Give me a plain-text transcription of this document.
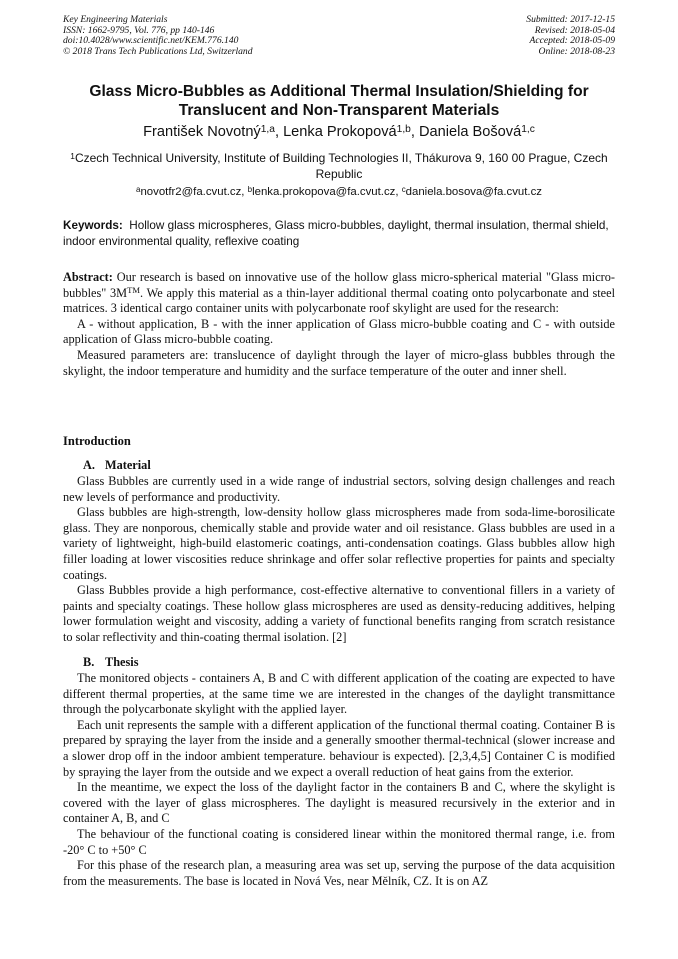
Key Engineering Materials
ISSN: 1662-9795, Vol. 776, pp 140-146
doi:10.4028/www.scientific.net/KEM.776.140
© 2018 Trans Tech Publications Ltd, Switzerland
Submitted: 2017-12-15
Revised: 2018-05-04
Accepted: 2018-05-09
Online: 2018-08-23
Glass Micro-Bubbles as Additional Thermal Insulation/Shielding for
Translucent and Non-Transparent Materials
František Novotný$^{1,a}$, Lenka Prokopová$^{1,b}$, Daniela Bošová$^{1,c}$
$^1$Czech Technical University, Institute of Building Technologies II, Thákurova 9, 160 00 Prague, Czech Republic
$^a$novotfr2@fa.cvut.cz, $^b$lenka.prokopova@fa.cvut.cz, $^c$daniela.bosova@fa.cvut.cz
Keywords: Hollow glass microspheres, Glass micro-bubbles, daylight, thermal insulation, thermal shield, indoor environmental quality, reflexive coating

Abstract: Our research is based on innovative use of the hollow glass micro-spherical material "Glass micro-bubbles" 3M™. We apply this material as a thin-layer additional thermal coating onto polycarbonate and steel matrices. 3 identical cargo container units with polycarbonate roof skylight are used for the research:

A - without application, B - with the inner application of Glass micro-bubble coating and C - with outside application of Glass micro-bubble coating.

Measured parameters are: translucence of daylight through the layer of micro-glass bubbles through the skylight, the indoor temperature and humidity and the surface temperature of the outer and inner shell.

Introduction
A. Material

Glass Bubbles are currently used in a wide range of industrial sectors, solving design challenges and reach new levels of performance and productivity.

Glass bubbles are high-strength, low-density hollow glass microspheres made from soda-lime-borosilicate glass. They are nonporous, chemically stable and provide water and oil resistance. Glass bubbles are used in a variety of lightweight, high-build elastomeric coatings, anti-condensation coatings. Glass bubbles allow high filler loading at lower viscosities reduce shrinkage and offer solar reflective properties for paints and specialty coatings.

Glass Bubbles provide a high performance, cost-effective alternative to conventional fillers in a variety of paints and specialty coatings. These hollow glass microspheres are used as density-reducing additives, helping lower formulation weight and viscosity, adding a variety of functional benefits ranging from scratch resistance to solar reflectivity and thin-coating thermal isolation. [2]

B. Thesis

The monitored objects - containers A, B and C with different application of the coating are expected to have different thermal properties, at the same time we are interested in the changes of the daylight transmittance through the polycarbonate skylight with the applied layer.

Each unit represents the sample with a different application of the functional thermal coating. Container B is prepared by spraying the layer from the inside and a generally smoother thermal-technical (slower increase and a slower drop off in the indoor ambient temperature. behaviour is expected). [2,3,4,5] Container C is modified by spraying the layer from the outside and we expect a overall reduction of heat gains from the exterior.

In the meantime, we expect the loss of the daylight factor in the containers B and C, where the skylight is covered with the layer of glass microspheres. The daylight is measured recursively in the exterior and in container A, B, and C

The behaviour of the functional coating is considered linear within the monitored thermal range, i.e. from -20° C to +50° C

For this phase of the research plan, a measuring area was set up, serving the purpose of the data acquisition from the measurements. The base is located in Nová Ves, near Mělník, CZ. It is on AZ
